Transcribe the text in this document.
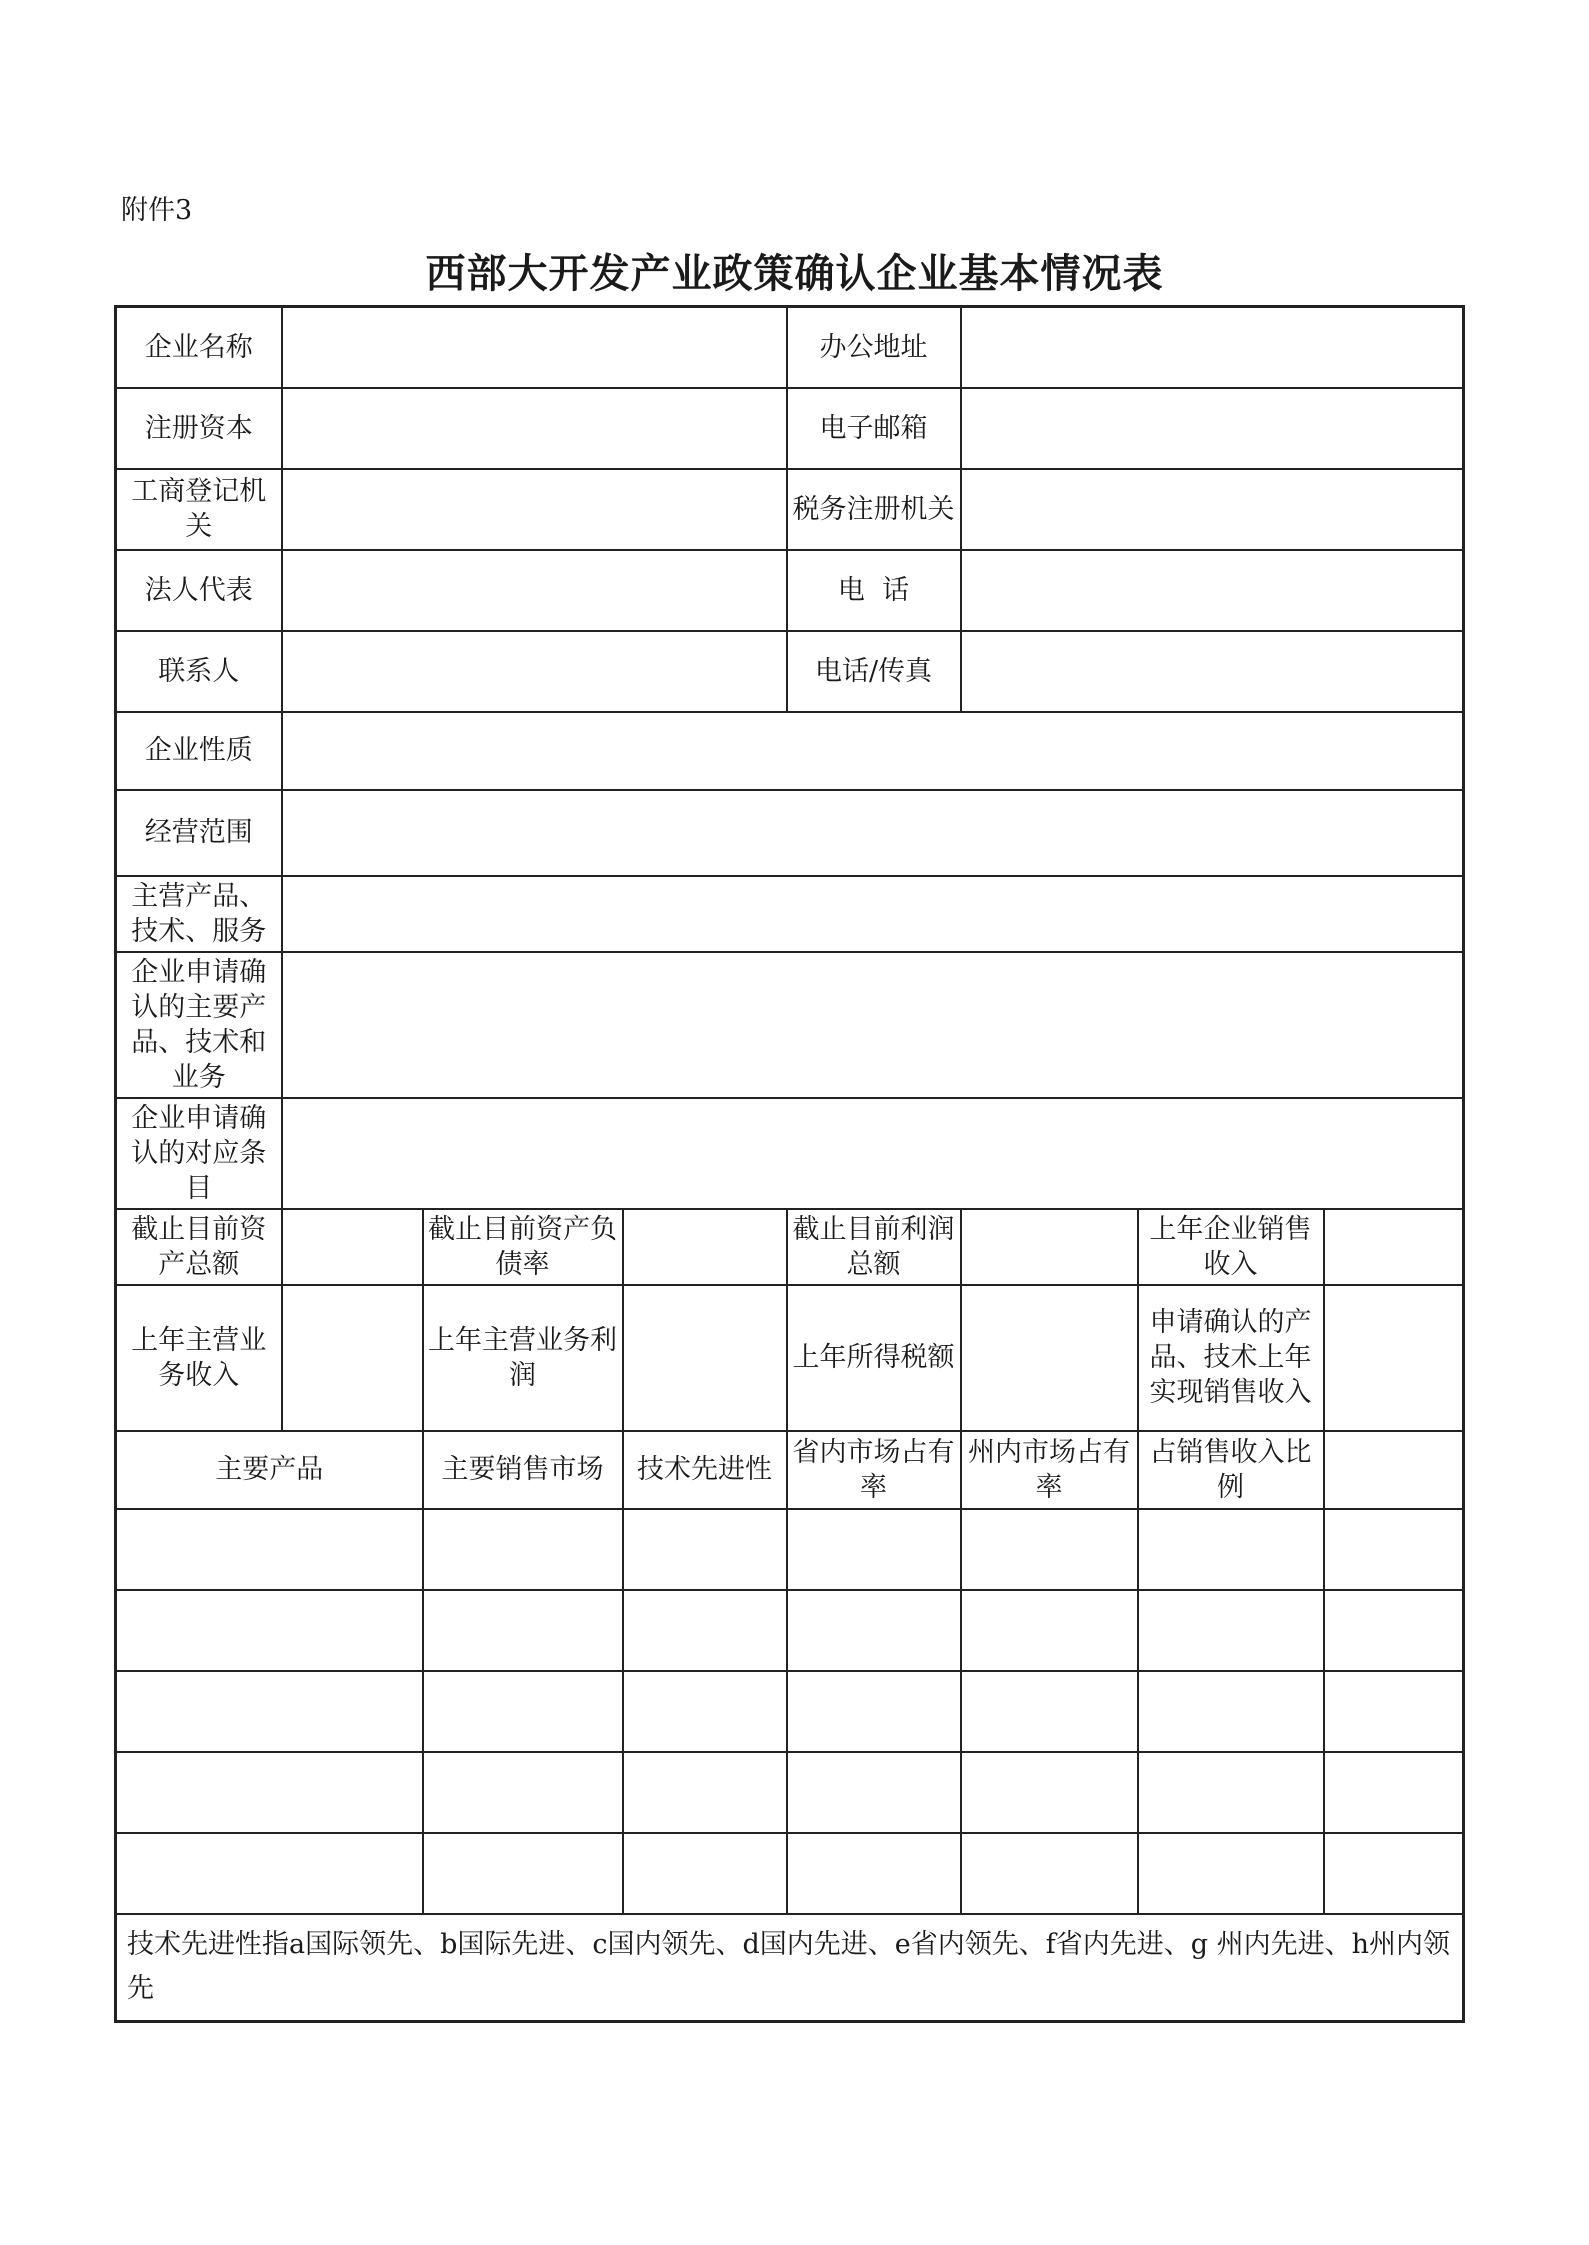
附件3
西部大开发产业政策确认企业基本情况表
企业名称				办公地址			
注册资本				电子邮箱			
工商登记机关				税务注册机关			
法人代表				电  话			
联系人				电话/传真			
企业性质							
经营范围							
主营产品、技术、服务							
企业申请确认的主要产品、技术和业务							
企业申请确认的对应条目							
截止目前资产总额		截止目前资产负债率		截止目前利润总额		上年企业销售收入	
上年主营业务收入		上年主营业务利润		上年所得税额		申请确认的产品、技术上年实现销售收入	
主要产品		主要销售市场	技术先进性	省内市场占有率	州内市场占有率	占销售收入比例	

技术先进性指a国际领先、b国际先进、c国内领先、d国内先进、e省内领先、f省内先进、g 州内先进、h州内领先							
